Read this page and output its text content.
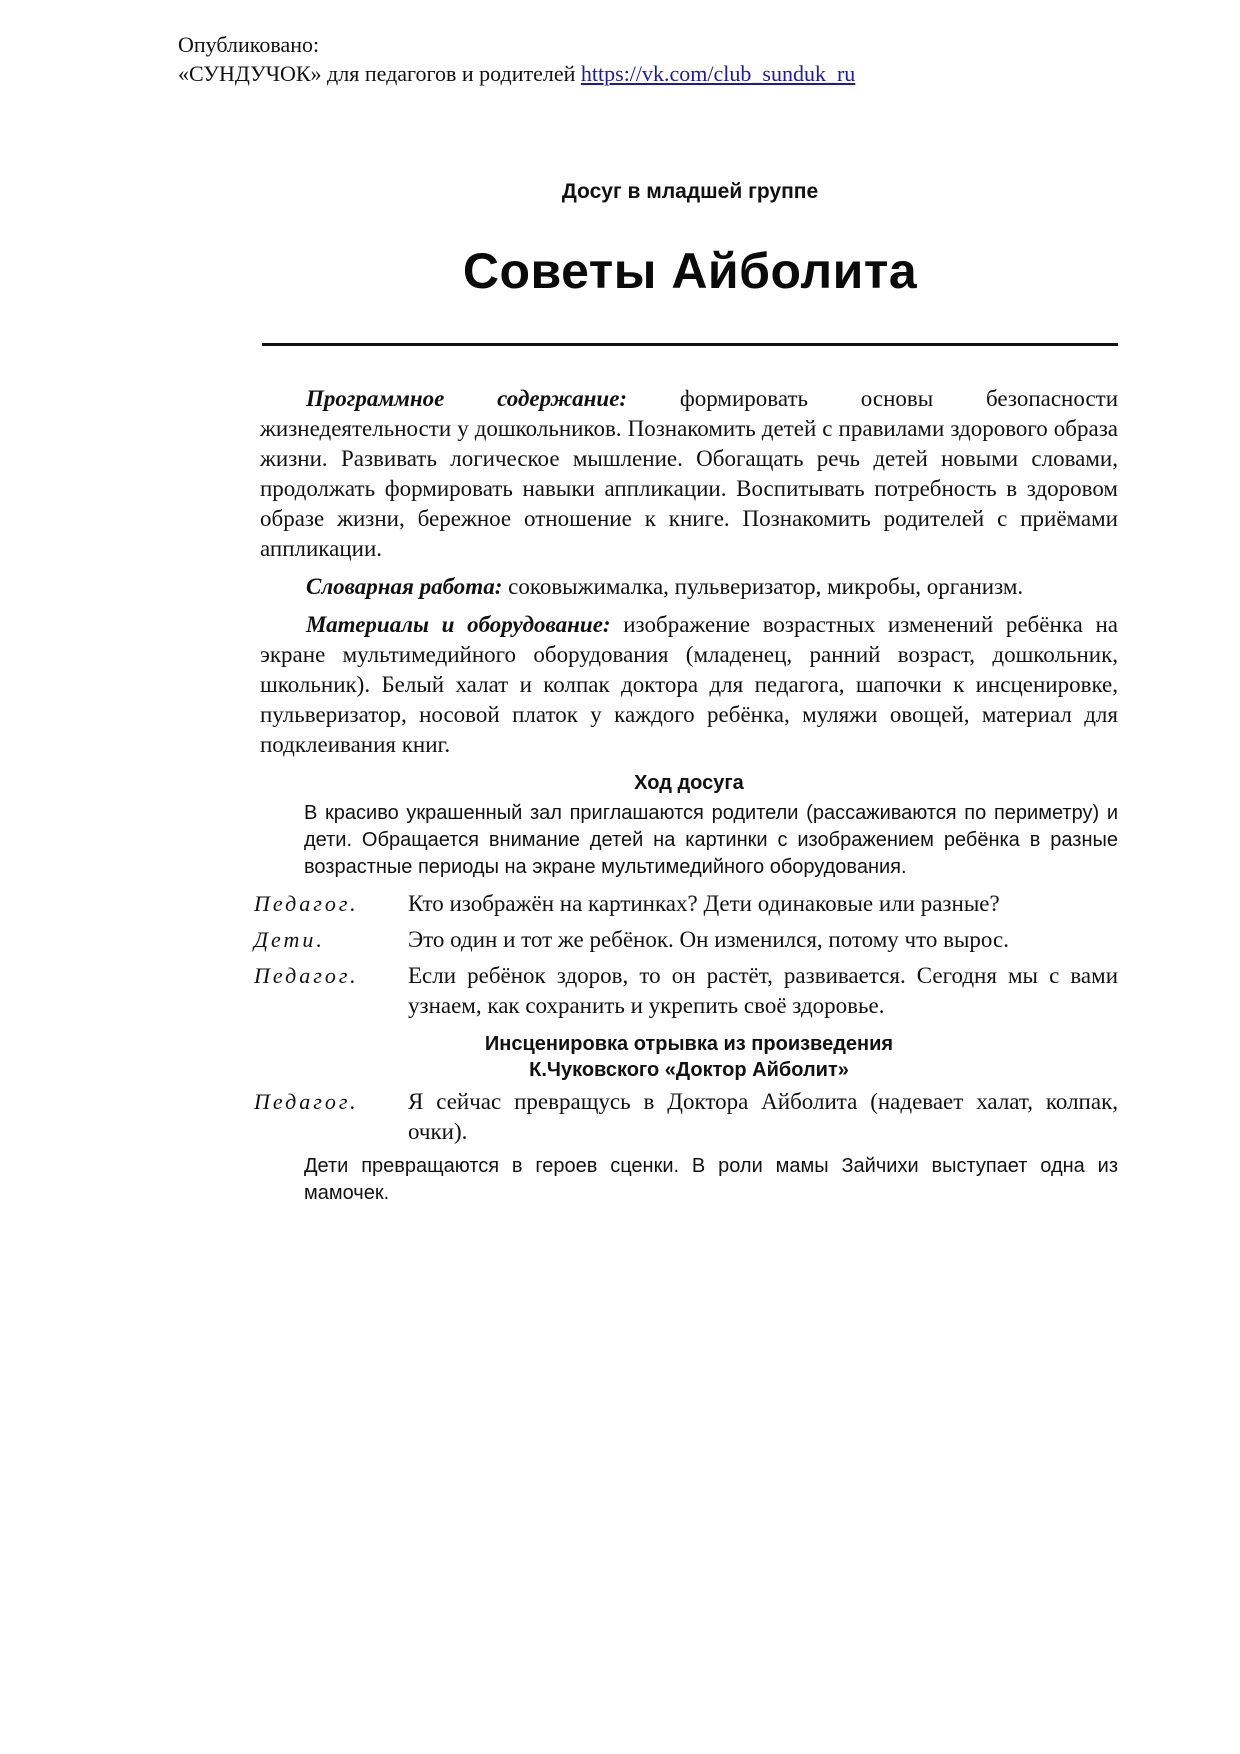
Опубликовано:
«СУНДУЧОК» для педагогов и родителей https://vk.com/club_sunduk_ru
Досуг в младшей группе
Советы Айболита

Программное содержание: формировать основы безопасности жизнедеятельности у дошкольников. Познакомить детей с правилами здорового образа жизни. Развивать логическое мышление. Обогащать речь детей новыми словами, продолжать формировать навыки аппликации. Воспитывать потребность в здоровом образе жизни, бережное отношение к книге. Познакомить родителей с приёмами аппликации.

Словарная работа: соковыжималка, пульверизатор, микробы, организм.

Материалы и оборудование: изображение возрастных изменений ребёнка на экране мультимедийного оборудования (младенец, ранний возраст, дошкольник, школьник). Белый халат и колпак доктора для педагога, шапочки к инсценировке, пульверизатор, носовой платок у каждого ребёнка, муляжи овощей, материал для подклеивания книг.

Ход досуга
В красиво украшенный зал приглашаются родители (рассаживаются по периметру) и дети. Обращается внимание детей на картинки с изображением ребёнка в разные возрастные периоды на экране мультимедийного оборудования.
Педагог.	Кто изображён на картинках? Дети одинаковые или разные?
Дети.	Это один и тот же ребёнок. Он изменился, потому что вырос.
Педагог.	Если ребёнок здоров, то он растёт, развивается. Сегодня мы с вами узнаем, как сохранить и укрепить своё здоровье.
Инсценировка отрывка из произведения
К.Чуковского «Доктор Айболит»
Педагог.	Я сейчас превращусь в Доктора Айболита (надевает халат, колпак, очки).
Дети превращаются в героев сценки. В роли мамы Зайчихи выступает одна из мамочек.
